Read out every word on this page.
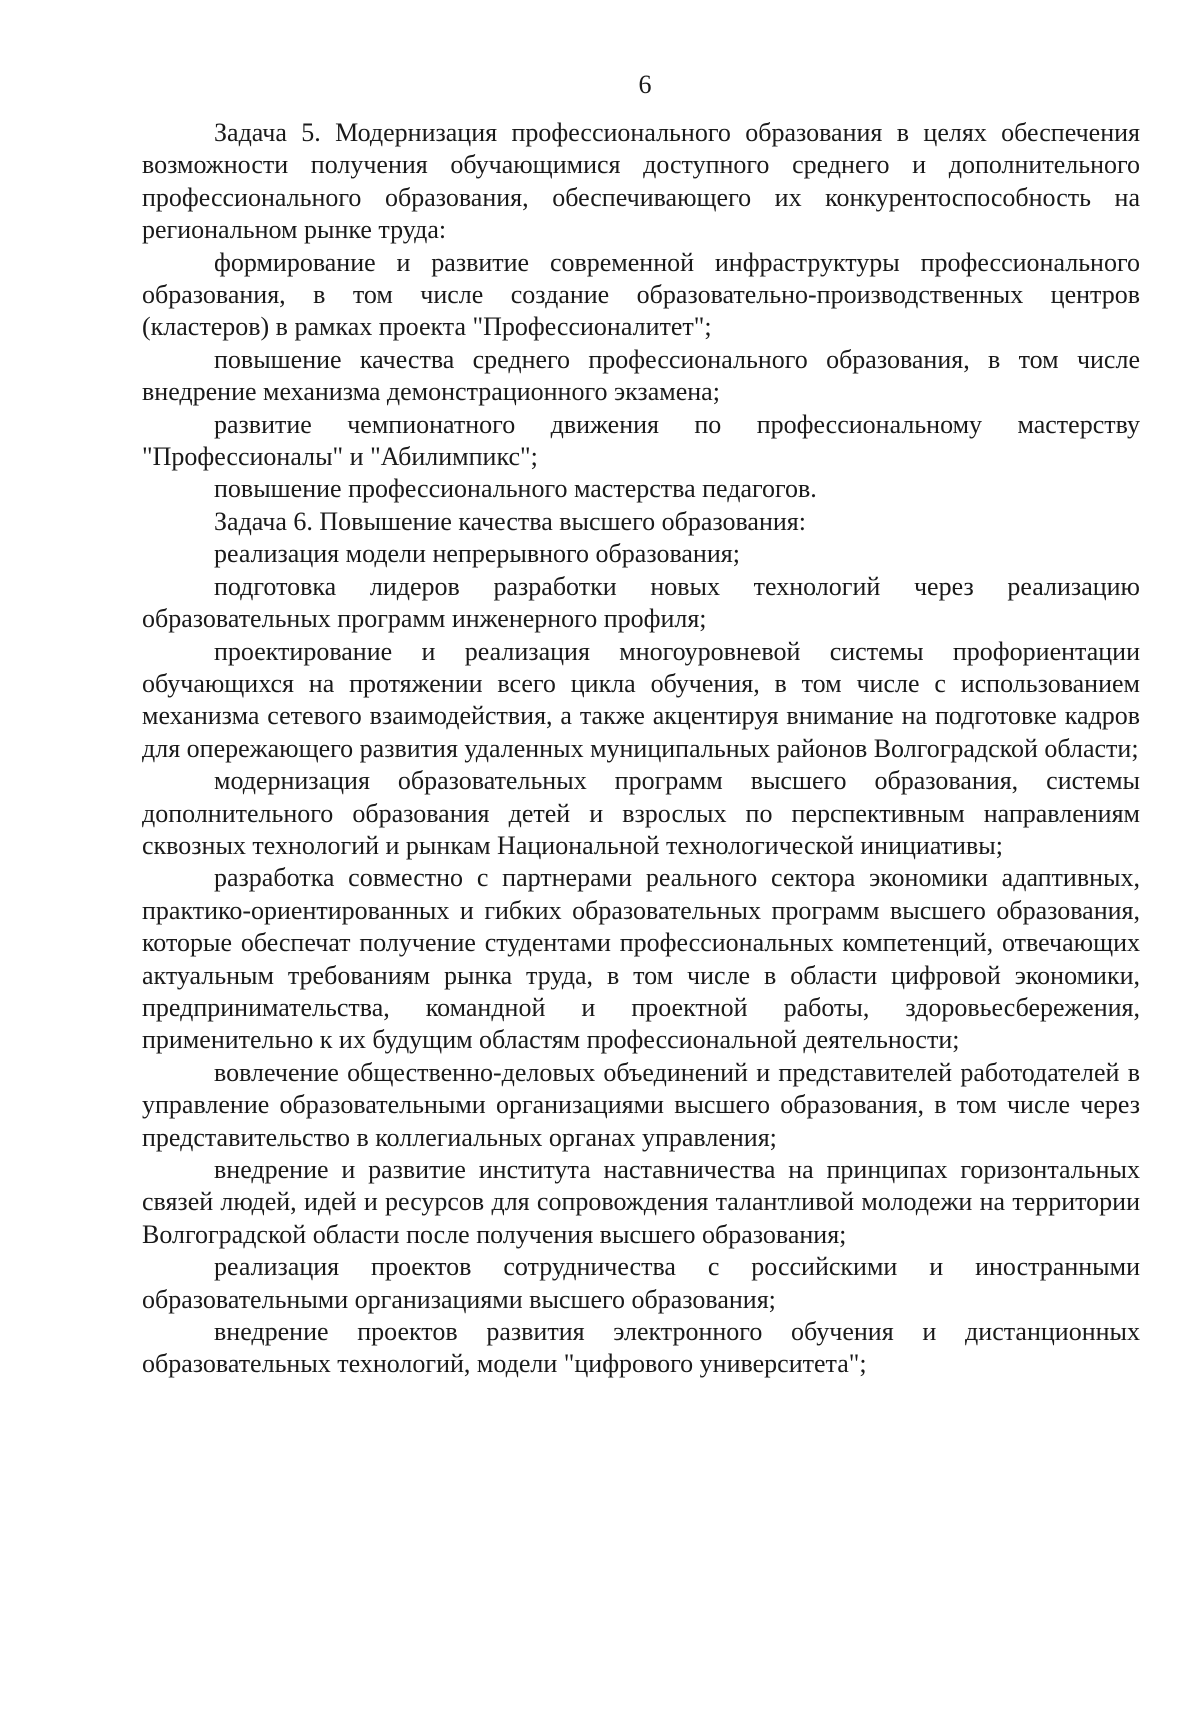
6

Задача 5. Модернизация профессионального образования в целях обеспечения возможности получения обучающимися доступного среднего и дополнительного профессионального образования, обеспечивающего их конкурентоспособность на региональном рынке труда:

формирование и развитие современной инфраструктуры профессионального образования, в том числе создание образовательно-производственных центров (кластеров) в рамках проекта "Профессионалитет";

повышение качества среднего профессионального образования, в том числе внедрение механизма демонстрационного экзамена;

развитие чемпионатного движения по профессиональному мастерству "Профессионалы" и "Абилимпикс";

повышение профессионального мастерства педагогов.

Задача 6. Повышение качества высшего образования:

реализация модели непрерывного образования;

подготовка лидеров разработки новых технологий через реализацию образовательных программ инженерного профиля;

проектирование и реализация многоуровневой системы профориентации обучающихся на протяжении всего цикла обучения, в том числе с использованием механизма сетевого взаимодействия, а также акцентируя внимание на подготовке кадров для опережающего развития удаленных муниципальных районов Волгоградской области;

модернизация образовательных программ высшего образования, системы дополнительного образования детей и взрослых по перспективным направлениям сквозных технологий и рынкам Национальной технологической инициативы;

разработка совместно с партнерами реального сектора экономики адаптивных, практико-ориентированных и гибких образовательных программ высшего образования, которые обеспечат получение студентами профессиональных компетенций, отвечающих актуальным требованиям рынка труда, в том числе в области цифровой экономики, предпринимательства, командной и проектной работы, здоровьесбережения, применительно к их будущим областям профессиональной деятельности;

вовлечение общественно-деловых объединений и представителей работодателей в управление образовательными организациями высшего образования, в том числе через представительство в коллегиальных органах управления;

внедрение и развитие института наставничества на принципах горизонтальных связей людей, идей и ресурсов для сопровождения талантливой молодежи на территории Волгоградской области после получения высшего образования;

реализация проектов сотрудничества с российскими и иностранными образовательными организациями высшего образования;

внедрение проектов развития электронного обучения и дистанционных образовательных технологий, модели "цифрового университета";
